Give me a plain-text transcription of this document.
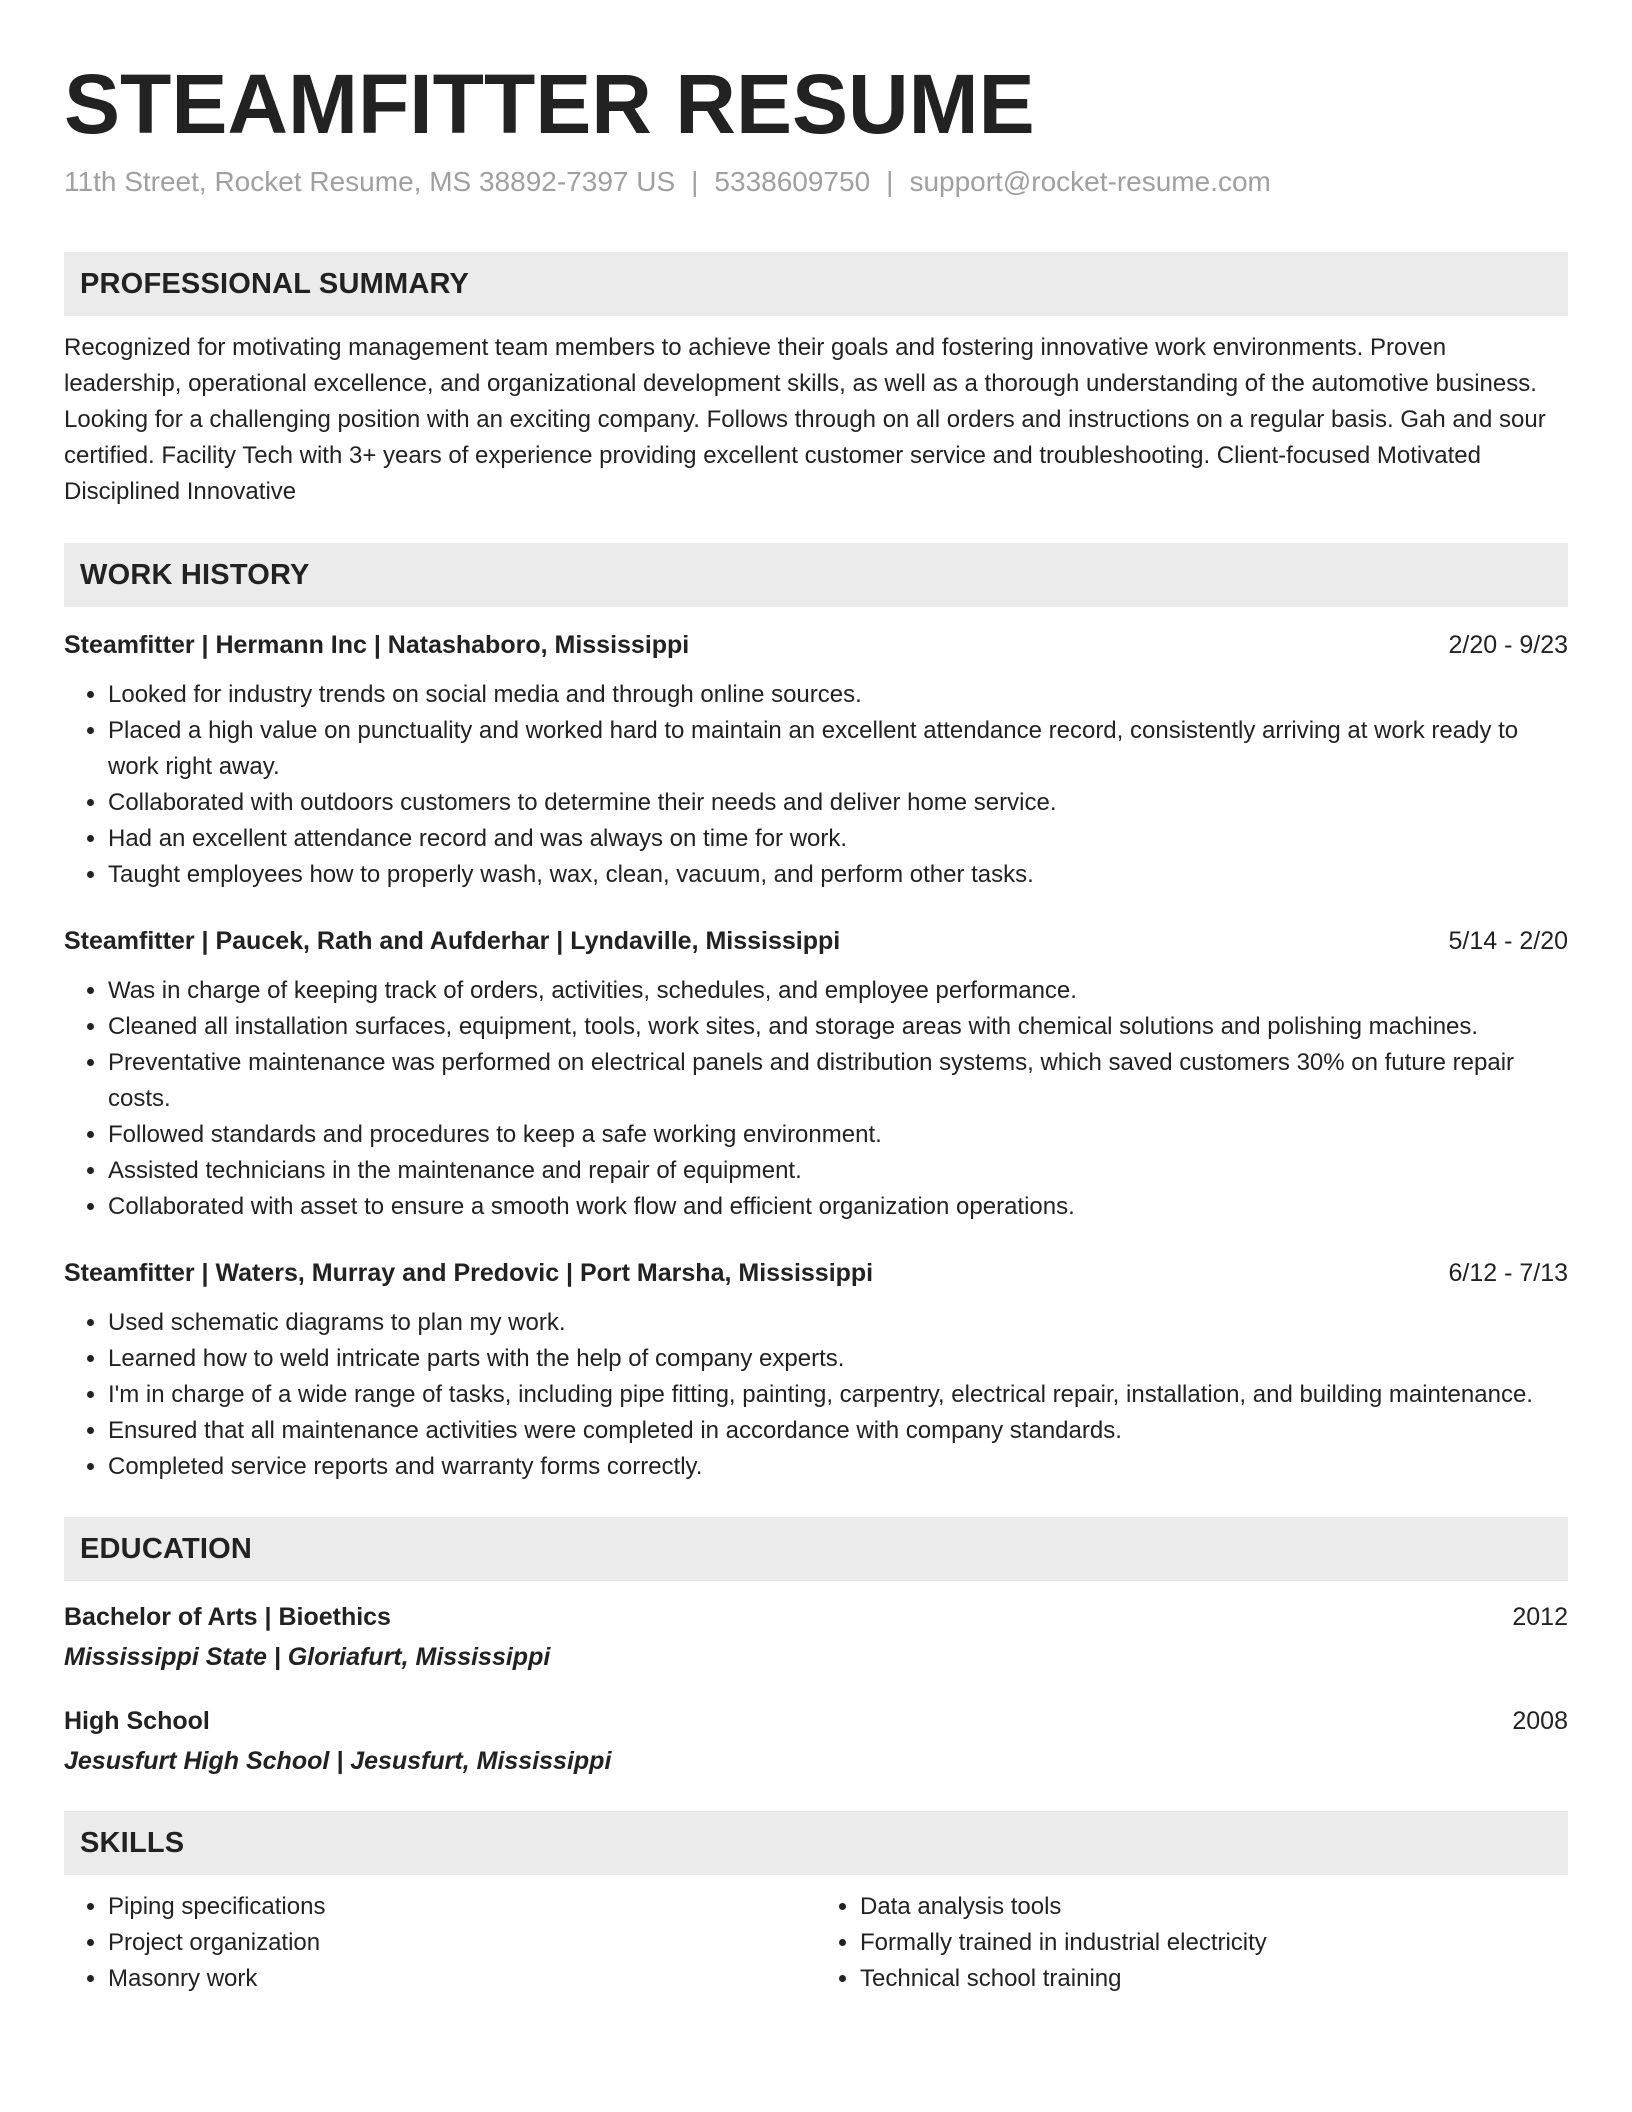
STEAMFITTER RESUME
11th Street, Rocket Resume, MS 38892-7397 US | 5338609750 | support@rocket-resume.com
PROFESSIONAL SUMMARY

Recognized for motivating management team members to achieve their goals and fostering innovative work environments. Proven leadership, operational excellence, and organizational development skills, as well as a thorough understanding of the automotive business. Looking for a challenging position with an exciting company. Follows through on all orders and instructions on a regular basis. Gah and sour certified. Facility Tech with 3+ years of experience providing excellent customer service and troubleshooting. Client-focused Motivated Disciplined Innovative

WORK HISTORY
Steamfitter | Hermann Inc | Natashaboro, Mississippi	2/20 - 9/23
• Looked for industry trends on social media and through online sources.
• Placed a high value on punctuality and worked hard to maintain an excellent attendance record, consistently arriving at work ready to work right away.
• Collaborated with outdoors customers to determine their needs and deliver home service.
• Had an excellent attendance record and was always on time for work.
• Taught employees how to properly wash, wax, clean, vacuum, and perform other tasks.
Steamfitter | Paucek, Rath and Aufderhar | Lyndaville, Mississippi	5/14 - 2/20
• Was in charge of keeping track of orders, activities, schedules, and employee performance.
• Cleaned all installation surfaces, equipment, tools, work sites, and storage areas with chemical solutions and polishing machines.
• Preventative maintenance was performed on electrical panels and distribution systems, which saved customers 30% on future repair costs.
• Followed standards and procedures to keep a safe working environment.
• Assisted technicians in the maintenance and repair of equipment.
• Collaborated with asset to ensure a smooth work flow and efficient organization operations.
Steamfitter | Waters, Murray and Predovic | Port Marsha, Mississippi	6/12 - 7/13
• Used schematic diagrams to plan my work.
• Learned how to weld intricate parts with the help of company experts.
• I'm in charge of a wide range of tasks, including pipe fitting, painting, carpentry, electrical repair, installation, and building maintenance.
• Ensured that all maintenance activities were completed in accordance with company standards.
• Completed service reports and warranty forms correctly.
EDUCATION
Bachelor of Arts | Bioethics	2012
Mississippi State | Gloriafurt, Mississippi
High School	2008
Jesusfurt High School | Jesusfurt, Mississippi
SKILLS
• Piping specifications
• Project organization
• Masonry work
• Data analysis tools
• Formally trained in industrial electricity
• Technical school training
